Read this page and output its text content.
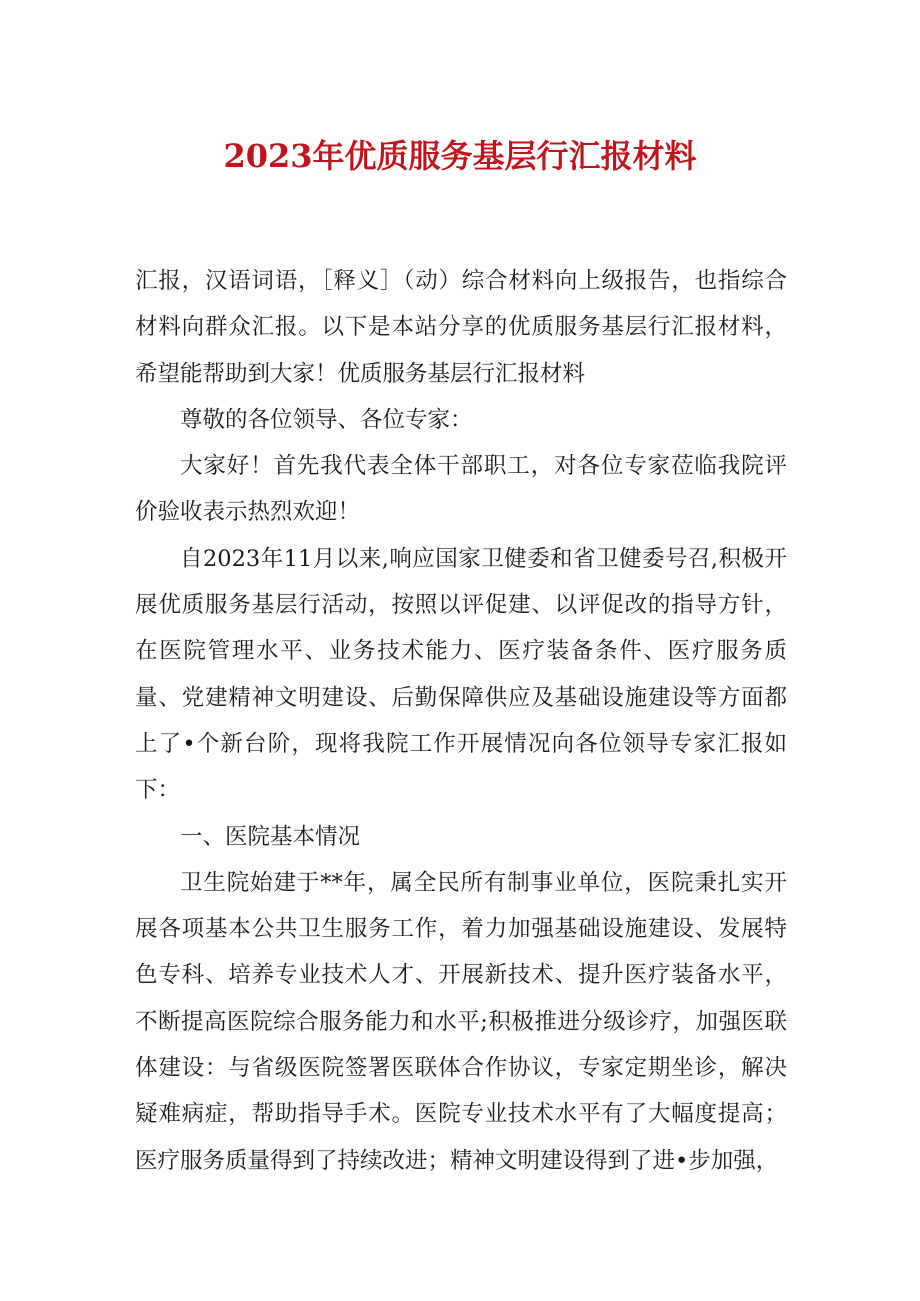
2023年优质服务基层行汇报材料

汇报，汉语词语，［释义］（动）综合材料向上级报告，也指综合材料向群众汇报。以下是本站分享的优质服务基层行汇报材料，希望能帮助到大家！优质服务基层行汇报材料

尊敬的各位领导、各位专家：

大家好！首先我代表全体干部职工，对各位专家莅临我院评价验收表示热烈欢迎！

自2023年11月以来,响应国家卫健委和省卫健委号召,积极开展优质服务基层行活动，按照以评促建、以评促改的指导方针，在医院管理水平、业务技术能力、医疗装备条件、医疗服务质量、党建精神文明建设、后勤保障供应及基础设施建设等方面都上了•个新台阶，现将我院工作开展情况向各位领导专家汇报如下：

一、医院基本情况

卫生院始建于**年，属全民所有制事业单位，医院秉扎实开展各项基本公共卫生服务工作，着力加强基础设施建设、发展特色专科、培养专业技术人才、开展新技术、提升医疗装备水平，不断提高医院综合服务能力和水平;积极推进分级诊疗，加强医联体建设：与省级医院签署医联体合作协议，专家定期坐诊，解决疑难病症，帮助指导手术。医院专业技术水平有了大幅度提高；医疗服务质量得到了持续改进；精神文明建设得到了进•步加强，
